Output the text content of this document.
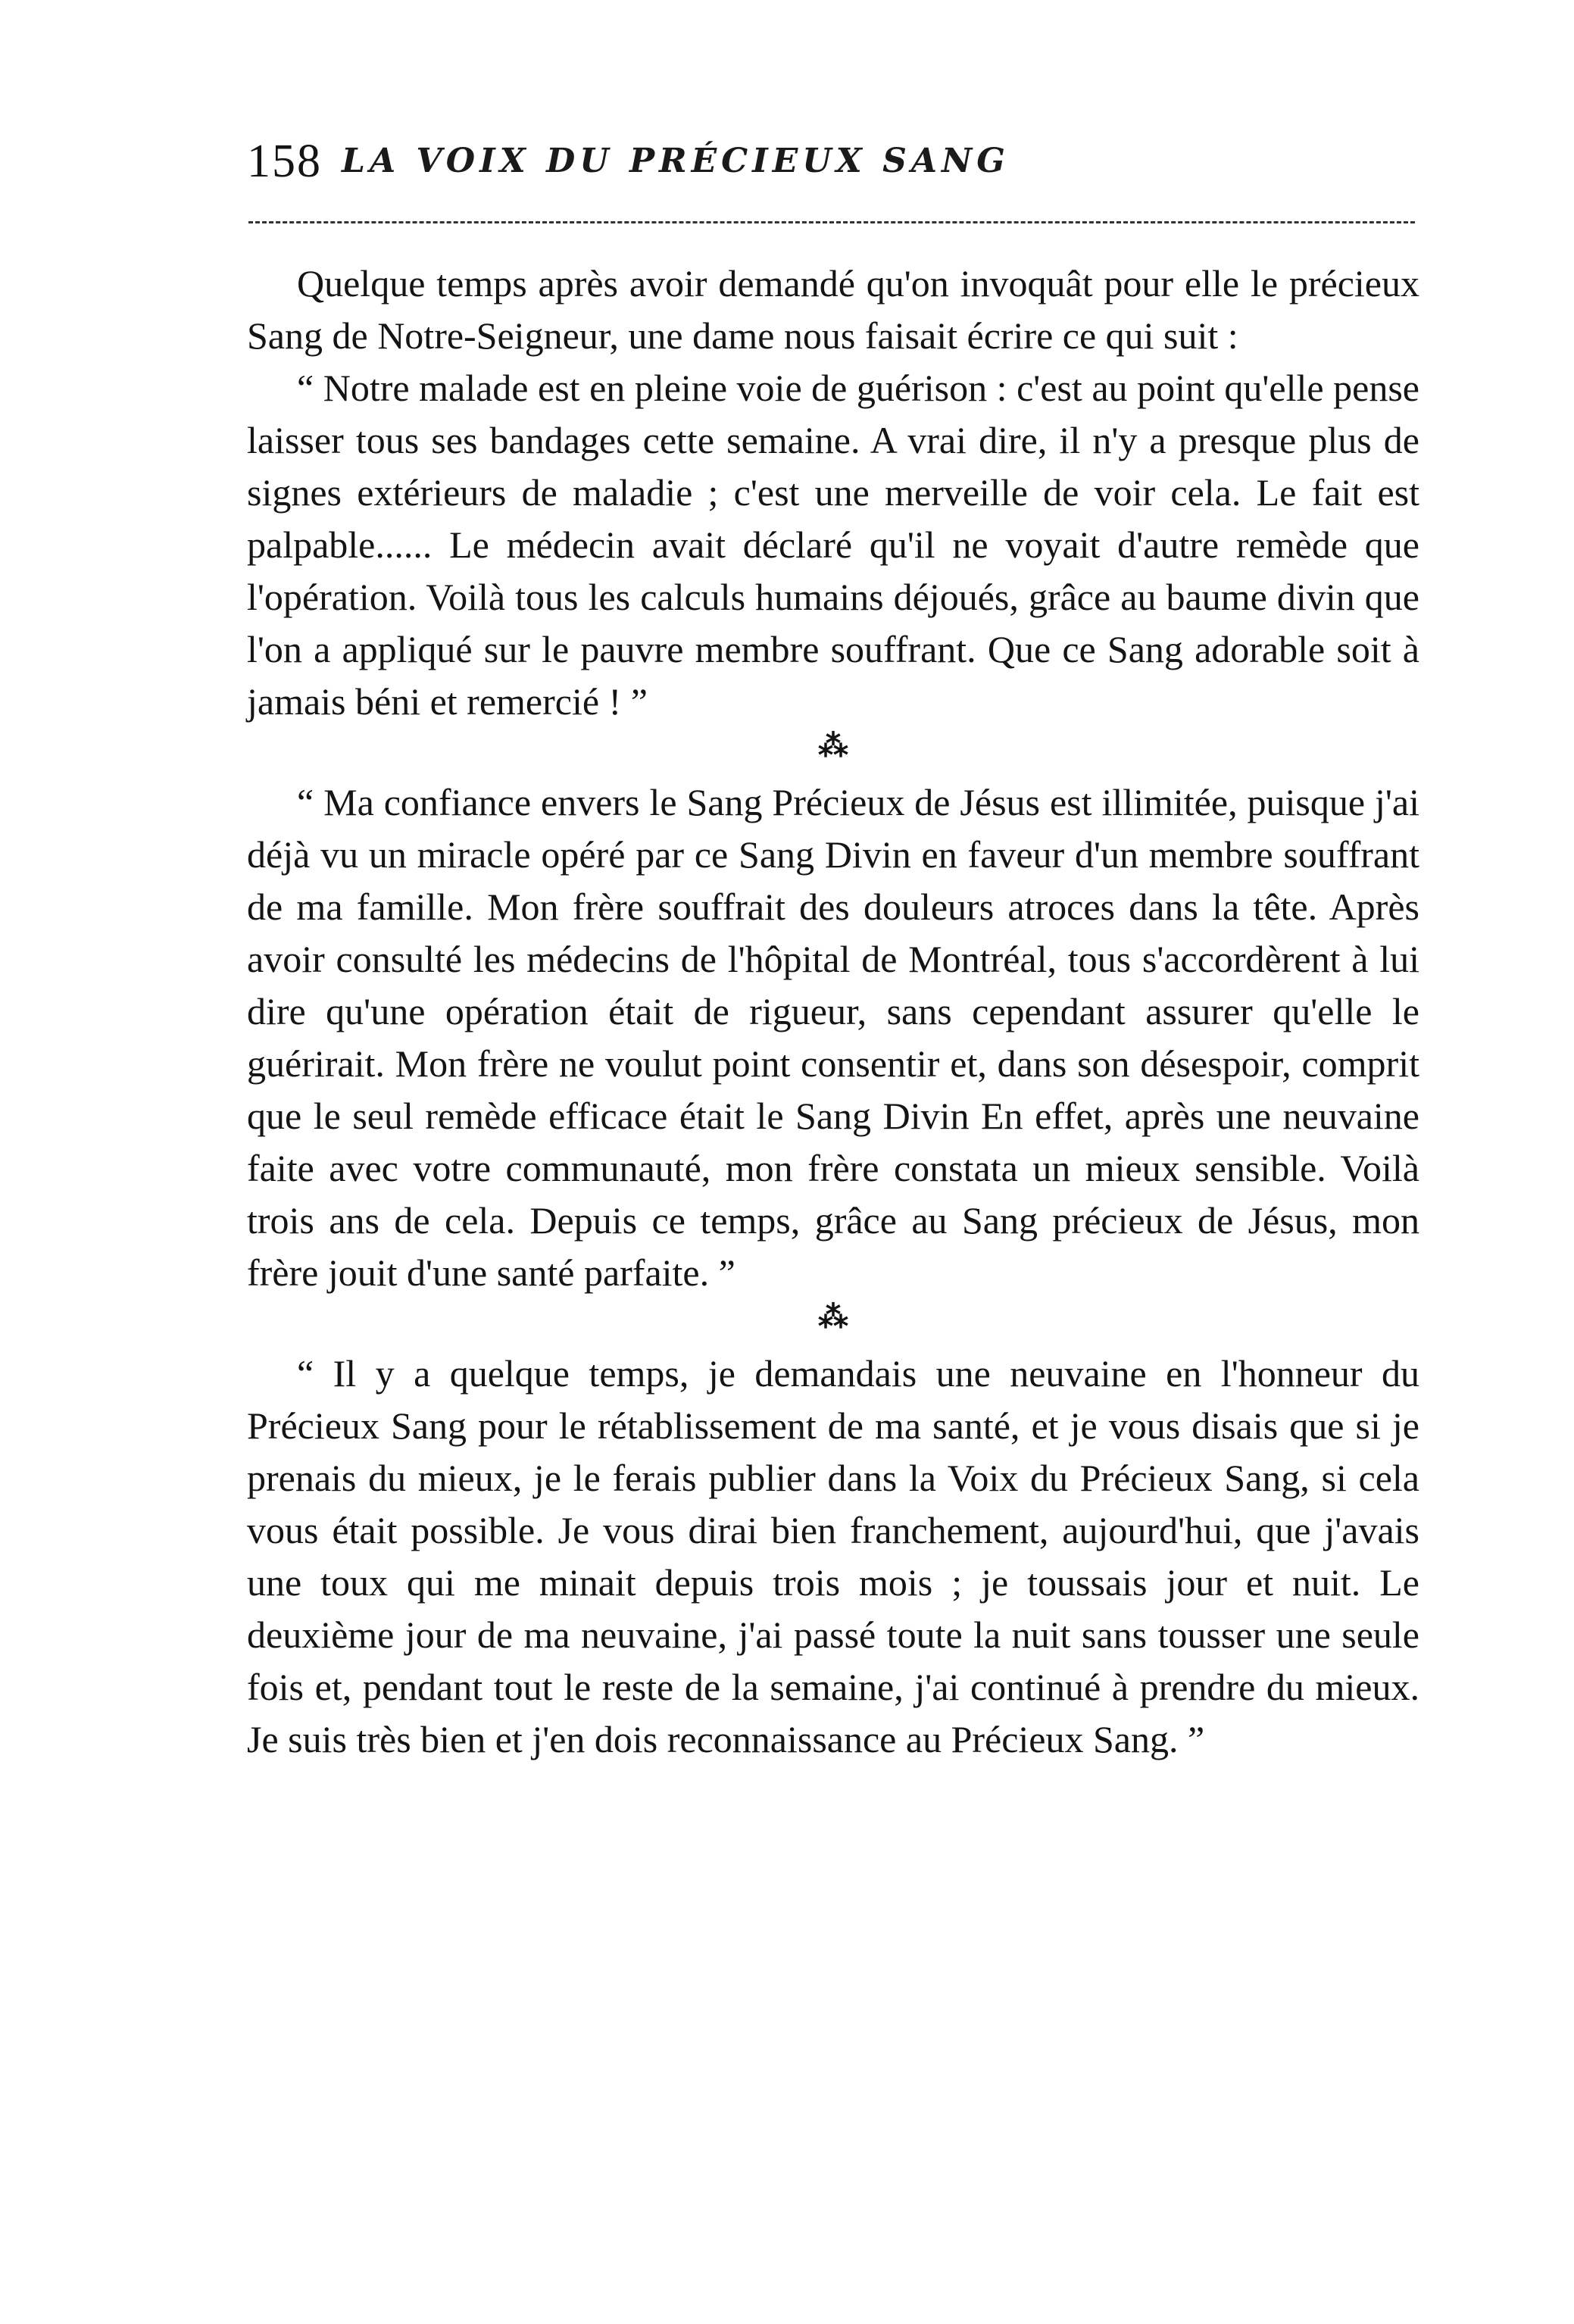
158 LA VOIX DU PRÉCIEUX SANG

Quelque temps après avoir demandé qu'on invoquât pour elle le précieux Sang de Notre-Seigneur, une dame nous faisait écrire ce qui suit :

“ Notre malade est en pleine voie de guérison : c'est au point qu'elle pense laisser tous ses bandages cette semaine. A vrai dire, il n'y a presque plus de signes extérieurs de maladie ; c'est une merveille de voir cela. Le fait est palpable...... Le médecin avait déclaré qu'il ne voyait d'autre remède que l'opération. Voilà tous les calculs humains déjoués, grâce au baume divin que l'on a appliqué sur le pauvre membre souffrant. Que ce Sang adorable soit à jamais béni et remercié ! ”

⁂

“ Ma confiance envers le Sang Précieux de Jésus est illimitée, puisque j'ai déjà vu un miracle opéré par ce Sang Divin en faveur d'un membre souffrant de ma famille. Mon frère souffrait des douleurs atroces dans la tête. Après avoir consulté les médecins de l'hôpital de Montréal, tous s'accordèrent à lui dire qu'une opération était de rigueur, sans cependant assurer qu'elle le guérirait. Mon frère ne voulut point consentir et, dans son désespoir, comprit que le seul remède efficace était le Sang Divin En effet, après une neuvaine faite avec votre communauté, mon frère constata un mieux sensible. Voilà trois ans de cela. Depuis ce temps, grâce au Sang précieux de Jésus, mon frère jouit d'une santé parfaite. ”

⁂

“ Il y a quelque temps, je demandais une neuvaine en l'honneur du Précieux Sang pour le rétablissement de ma santé, et je vous disais que si je prenais du mieux, je le ferais publier dans la Voix du Précieux Sang, si cela vous était possible. Je vous dirai bien franchement, aujourd'hui, que j'avais une toux qui me minait depuis trois mois ; je toussais jour et nuit. Le deuxième jour de ma neuvaine, j'ai passé toute la nuit sans tousser une seule fois et, pendant tout le reste de la semaine, j'ai continué à prendre du mieux. Je suis très bien et j'en dois reconnaissance au Précieux Sang. ”
